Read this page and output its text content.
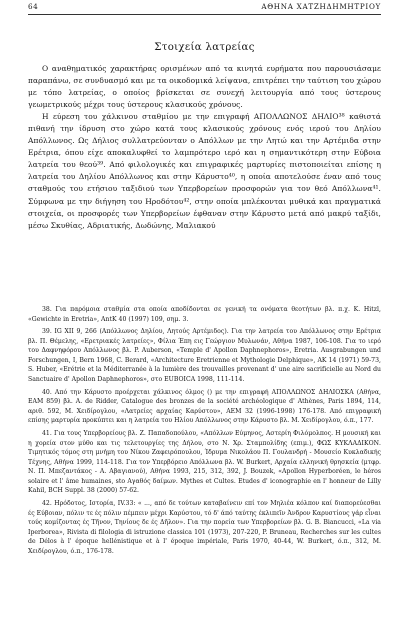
64	ΑΘΗΝΑ ΧΑΤΖΗΔΗΜΗΤΡΙΟΥ
Στοιχεία λατρείας

Ο αναθηματικός χαρακτήρας ορισμένων από τα κινητά ευρήματα που παρουσιάσαμε παραπάνω, σε συνδυασμό και με τα οικοδομικά λείψανα, επιτρέπει την ταύτιση του χώρου με τόπο λατρείας, ο οποίος βρίσκεται σε συνεχή λειτουργία από τους ύστερους γεωμετρικούς μέχρι τους ύστερους κλασικούς χρόνους.

Η εύρεση του χάλκινου σταθμίου με την επιγραφή ΑΠΟΛΛΩΝΟΣ ΔΗΛΙΟ³⁸ καθιστά πιθανή την ίδρυση στο χώρο κατά τους κλασικούς χρόνους ενός ιερού του Δηλίου Απόλλωνος. Ως Δήλιος συλλατρεύονταν ο Απόλλων με την Λητώ και την Αρτέμιδα στην Ερέτρια, όπου είχε αποκαλυφθεί το λαμπρότερο ιερό και η σημαντικότερη στην Εύβοια λατρεία του θεού³⁹. Από φιλολογικές και επιγραφικές μαρτυρίες πιστοποιείται επίσης η λατρεία του Δηλίου Απόλλωνος και στην Κάρυστο⁴⁰, η οποία αποτελούσε έναν από τους σταθμούς του ετήσιου ταξιδιού των Υπερβορείων προσφορών για τον θεό Απόλλωνα⁴¹. Σύμφωνα με την διήγηση του Ηροδότου⁴², στην οποία μπλέκονται μυθικά και πραγματικά στοιχεία, οι προσφορές των Υπερβορείων έφθαναν στην Κάρυστο μετά από μακρύ ταξίδι, μέσω Σκυθίας, Αδριατικής, Δωδώνης, Μαλιακού

38. Για παρόμοια σταθμία στα οποία αποδίδονται σε γενική τα ονόματα θεοτήτων βλ. π.χ. K. Hitzl, «Gewichte in Eretria», AntK 40 (1997) 109, σημ. 3.

39. IG XII 9, 266 (Απόλλωνος Δηλίου, Λητούς Αρτέμιδος). Για την λατρεία του Απόλλωνος στην Ερέτρια βλ. Π. Θέμελης, «Ερετριακές λατρείες», Φίλια Έπη εις Γεώργιον Μυλωνάν, Αθήνα 1987, 106-108. Για το ιερό του Δαφνηφόρου Απόλλωνος βλ. P. Auberson, «Temple d' Apollon Daphnephoros», Eretria. Ausgrabungen und Forschungen, I, Bern 1968, C. Berard, «Architecture Eretrienne et Mythologie Delphique», AK 14 (1971) 59-73, S. Huber, «Erétrie et la Méditerranée à la lumière des trouvailles provenant d' une aire sacrificielle au Nord du Sanctuaire d' Apollon Daphnephoros», στο EUBOICA 1998, 111-114.

40. Από την Κάρυστο προέρχεται χάλκινος όλμος () με την επιγραφή ΑΠΟΛΛΩΝΟΣ ΔΗΛΙΟΣΚΑ (Αθήνα, EAM 859) βλ. A. de Ridder, Catalogue des bronzes de la société archéologique d' Athènes, Paris 1894, 114, αριθ. 592, Μ. Χειδίρογλου, «Λατρείες αρχαίας Καρύστου», AEM 32 (1996-1998) 176-178. Από επιγραφική επίσης μαρτυρία προκύπτει και η λατρεία του Ηλίου Απόλλωνος στην Κάρυστο βλ. Μ. Χειδίρογλου, ό.π., 177.

41. Για τους Υπερβορείους βλ. Ζ. Παπαδοπούλου, «Απόλλων Εύμηνος, Αστερίη Φιλόμολπος. Η μουσική και η χορεία στον μύθο και τις τελετουργίες της Δήλου, στο Ν. Χρ. Σταμπολίδης (επιμ.), ΦΩΣ ΚΥΚΛΑΔΙΚΟΝ. Τιμητικός τόμος στη μνήμη του Νίκου Ζαφειρόπουλου, Ίδρυμα Νικολάου Π. Γουλανδρή - Μουσείο Κυκλαδικής Τέχνης, Αθήνα 1999, 114-118. Για τον Υπερβόρειο Απόλλωνα βλ. W. Burkert, Αρχαία ελληνική θρησκεία (μτφρ. Ν. Π. Μπεζαντάκος - Α. Αβαγιανού), Αθήνα 1993, 215, 312, 392, J. Bouzek, «Apollon Hyperboréen, le héros solaire et l' âme humaines, sto Αγαθός δαίμων. Mythes et Cultes. Etudes d' iconographie en l' honneur de Lilly Kahil, BCH Suppl. 38 (2000) 57-62.

42. Ηρόδοτος, Ιστορία, IV.33: « ..., από δε τούτων καταβαίνειν επί τον Μηλιέα κόλπον καί διαπορεύεσθαι ές Εύβοιαν, πόλιν τε ές πόλιν πέμπειν μέχρι Καρύστου, τό δ' άπό ταύτης έκλιπεῖν Άνδρον Καρυστίους γάρ εἶναι τούς κομίζοντας ές Τῆνον, Τηνίους δε ές Δῆλον». Για την πορεία των Υπερβορείων βλ. G. B. Biancucci, «La via Iperborea», Rivista di filologia di istruzione classica 101 (1973), 207-220, P. Bruneau, Recherches sur les cultes de Délos à l' époque hellénistique et à l' époque impériale, Paris 1970, 40-44, W. Burkert, ό.π., 312, Μ. Χειδίρογλου, ό.π., 176-178.
